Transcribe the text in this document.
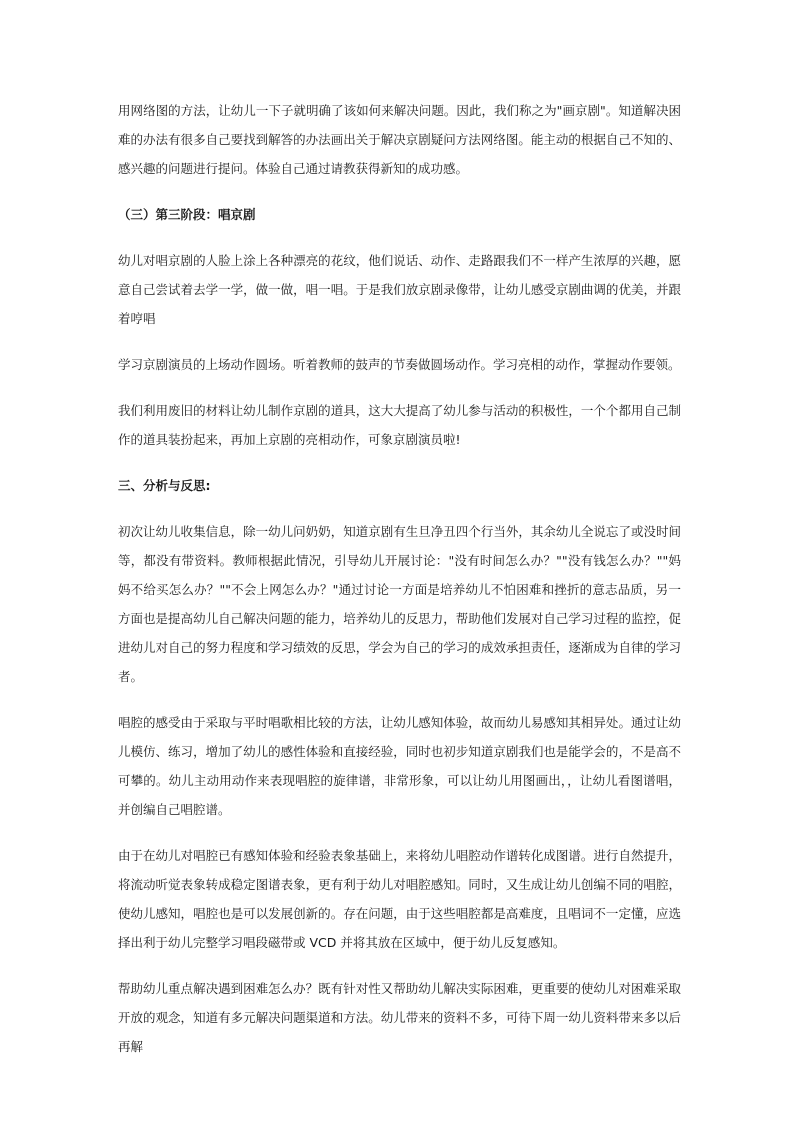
用网络图的方法，让幼儿一下子就明确了该如何来解决问题。因此，我们称之为"画京剧"。知道解决困难的办法有很多自己要找到解答的办法画出关于解决京剧疑问方法网络图。能主动的根据自己不知的、感兴趣的问题进行提问。体验自己通过请教获得新知的成功感。

（三）第三阶段：唱京剧

幼儿对唱京剧的人脸上涂上各种漂亮的花纹，他们说话、动作、走路跟我们不一样产生浓厚的兴趣，愿意自己尝试着去学一学，做一做，唱一唱。于是我们放京剧录像带，让幼儿感受京剧曲调的优美，并跟着哼唱

学习京剧演员的上场动作圆场。听着教师的鼓声的节奏做圆场动作。学习亮相的动作，掌握动作要领。

我们利用废旧的材料让幼儿制作京剧的道具，这大大提高了幼儿参与活动的积极性，一个个都用自己制作的道具装扮起来，再加上京剧的亮相动作，可象京剧演员啦!

三、分析与反思:

初次让幼儿收集信息，除一幼儿问奶奶，知道京剧有生旦净丑四个行当外，其余幼儿全说忘了或没时间等，都没有带资料。教师根据此情况，引导幼儿开展讨论："没有时间怎么办？""没有钱怎么办？""妈妈不给买怎么办？""不会上网怎么办？"通过讨论一方面是培养幼儿不怕困难和挫折的意志品质，另一方面也是提高幼儿自己解决问题的能力，培养幼儿的反思力，帮助他们发展对自己学习过程的监控，促进幼儿对自己的努力程度和学习绩效的反思，学会为自己的学习的成效承担责任，逐渐成为自律的学习者。

唱腔的感受由于采取与平时唱歌相比较的方法，让幼儿感知体验，故而幼儿易感知其相异处。通过让幼儿模仿、练习，增加了幼儿的感性体验和直接经验，同时也初步知道京剧我们也是能学会的，不是高不可攀的。幼儿主动用动作来表现唱腔的旋律谱，非常形象，可以让幼儿用图画出，，让幼儿看图谱唱，并创编自己唱腔谱。

由于在幼儿对唱腔已有感知体验和经验表象基础上，来将幼儿唱腔动作谱转化成图谱。进行自然提升，将流动听觉表象转成稳定图谱表象，更有利于幼儿对唱腔感知。同时，又生成让幼儿创编不同的唱腔，使幼儿感知，唱腔也是可以发展创新的。存在问题，由于这些唱腔都是高难度，且唱词不一定懂，应选择出利于幼儿完整学习唱段磁带或 VCD 并将其放在区域中，便于幼儿反复感知。

帮助幼儿重点解决遇到困难怎么办？既有针对性又帮助幼儿解决实际困难，更重要的使幼儿对困难采取开放的观念，知道有多元解决问题渠道和方法。幼儿带来的资料不多，可待下周一幼儿资料带来多以后再解
